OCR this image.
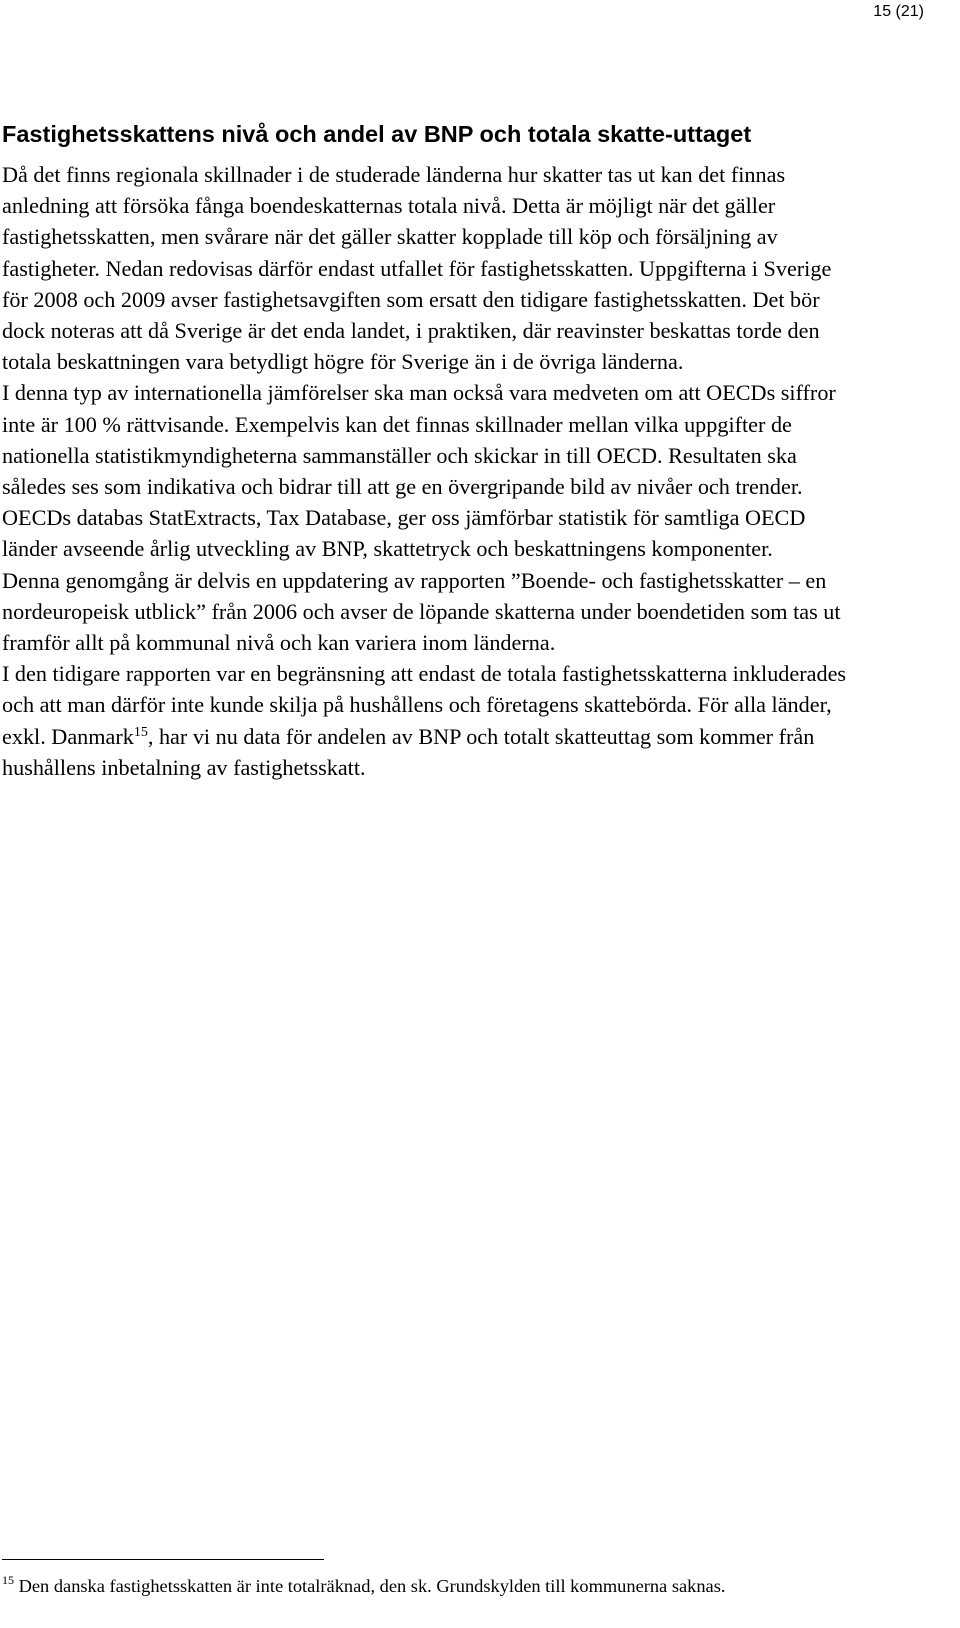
15 (21)
Fastighetsskattens nivå och andel av BNP och totala skatte-uttaget

Då det finns regionala skillnader i de studerade länderna hur skatter tas ut kan det finnas anledning att försöka fånga boendeskatternas totala nivå. Detta är möjligt när det gäller fastighetsskatten, men svårare när det gäller skatter kopplade till köp och försäljning av fastigheter. Nedan redovisas därför endast utfallet för fastighetsskatten. Uppgifterna i Sverige för 2008 och 2009 avser fastighetsavgiften som ersatt den tidigare fastighetsskatten. Det bör dock noteras att då Sverige är det enda landet, i praktiken, där reavinster beskattas torde den totala beskattningen vara betydligt högre för Sverige än i de övriga länderna.

I denna typ av internationella jämförelser ska man också vara medveten om att OECDs siffror inte är 100 % rättvisande. Exempelvis kan det finnas skillnader mellan vilka uppgifter de nationella statistikmyndigheterna sammanställer och skickar in till OECD. Resultaten ska således ses som indikativa och bidrar till att ge en övergripande bild av nivåer och trender.

OECDs databas StatExtracts, Tax Database, ger oss jämförbar statistik för samtliga OECD länder avseende årlig utveckling av BNP, skattetryck och beskattningens komponenter.

Denna genomgång är delvis en uppdatering av rapporten ”Boende- och fastighetsskatter – en nordeuropeisk utblick” från 2006 och avser de löpande skatterna under boendetiden som tas ut framför allt på kommunal nivå och kan variera inom länderna.

I den tidigare rapporten var en begränsning att endast de totala fastighetsskatterna inkluderades och att man därför inte kunde skilja på hushållens och företagens skattebörda. För alla länder, exkl. Danmark$^{15}$, har vi nu data för andelen av BNP och totalt skatteuttag som kommer från hushållens inbetalning av fastighetsskatt.

$^{15}$ Den danska fastighetsskatten är inte totalräknad, den sk. Grundskylden till kommunerna saknas.
